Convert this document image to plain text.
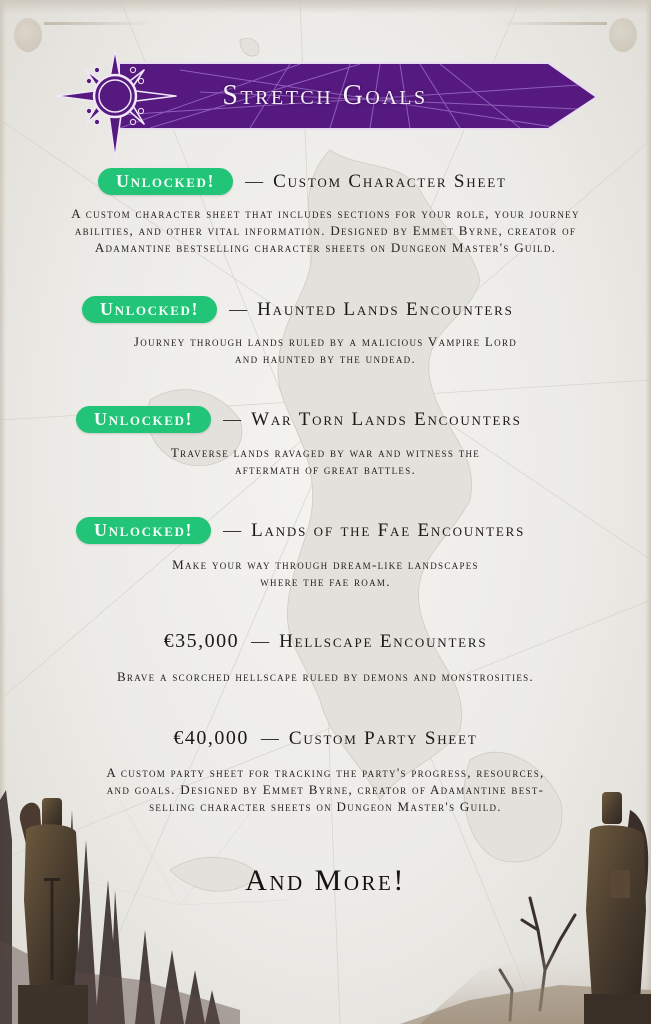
Stretch Goals
Unlocked!	— Custom Character Sheet
A custom character sheet that includes sections for your role, your journey
abilities, and other vital information. Designed by Emmet Byrne, creator of
Adamantine bestselling character sheets on Dungeon Master's Guild.
Unlocked!	— Haunted Lands Encounters
Journey through lands ruled by a malicious Vampire Lord
and haunted by the undead.
Unlocked!	— War Torn Lands Encounters
Traverse lands ravaged by war and witness the
aftermath of great battles.
Unlocked!	— Lands of the Fae Encounters
Make your way through dream-like landscapes
where the fae roam.
€35,000 — Hellscape Encounters
Brave a scorched hellscape ruled by demons and monstrosities.
€40,000 — Custom Party Sheet
A custom party sheet for tracking the party's progress, resources,
and goals. Designed by Emmet Byrne, creator of Adamantine best-
selling character sheets on Dungeon Master's Guild.
And More!
